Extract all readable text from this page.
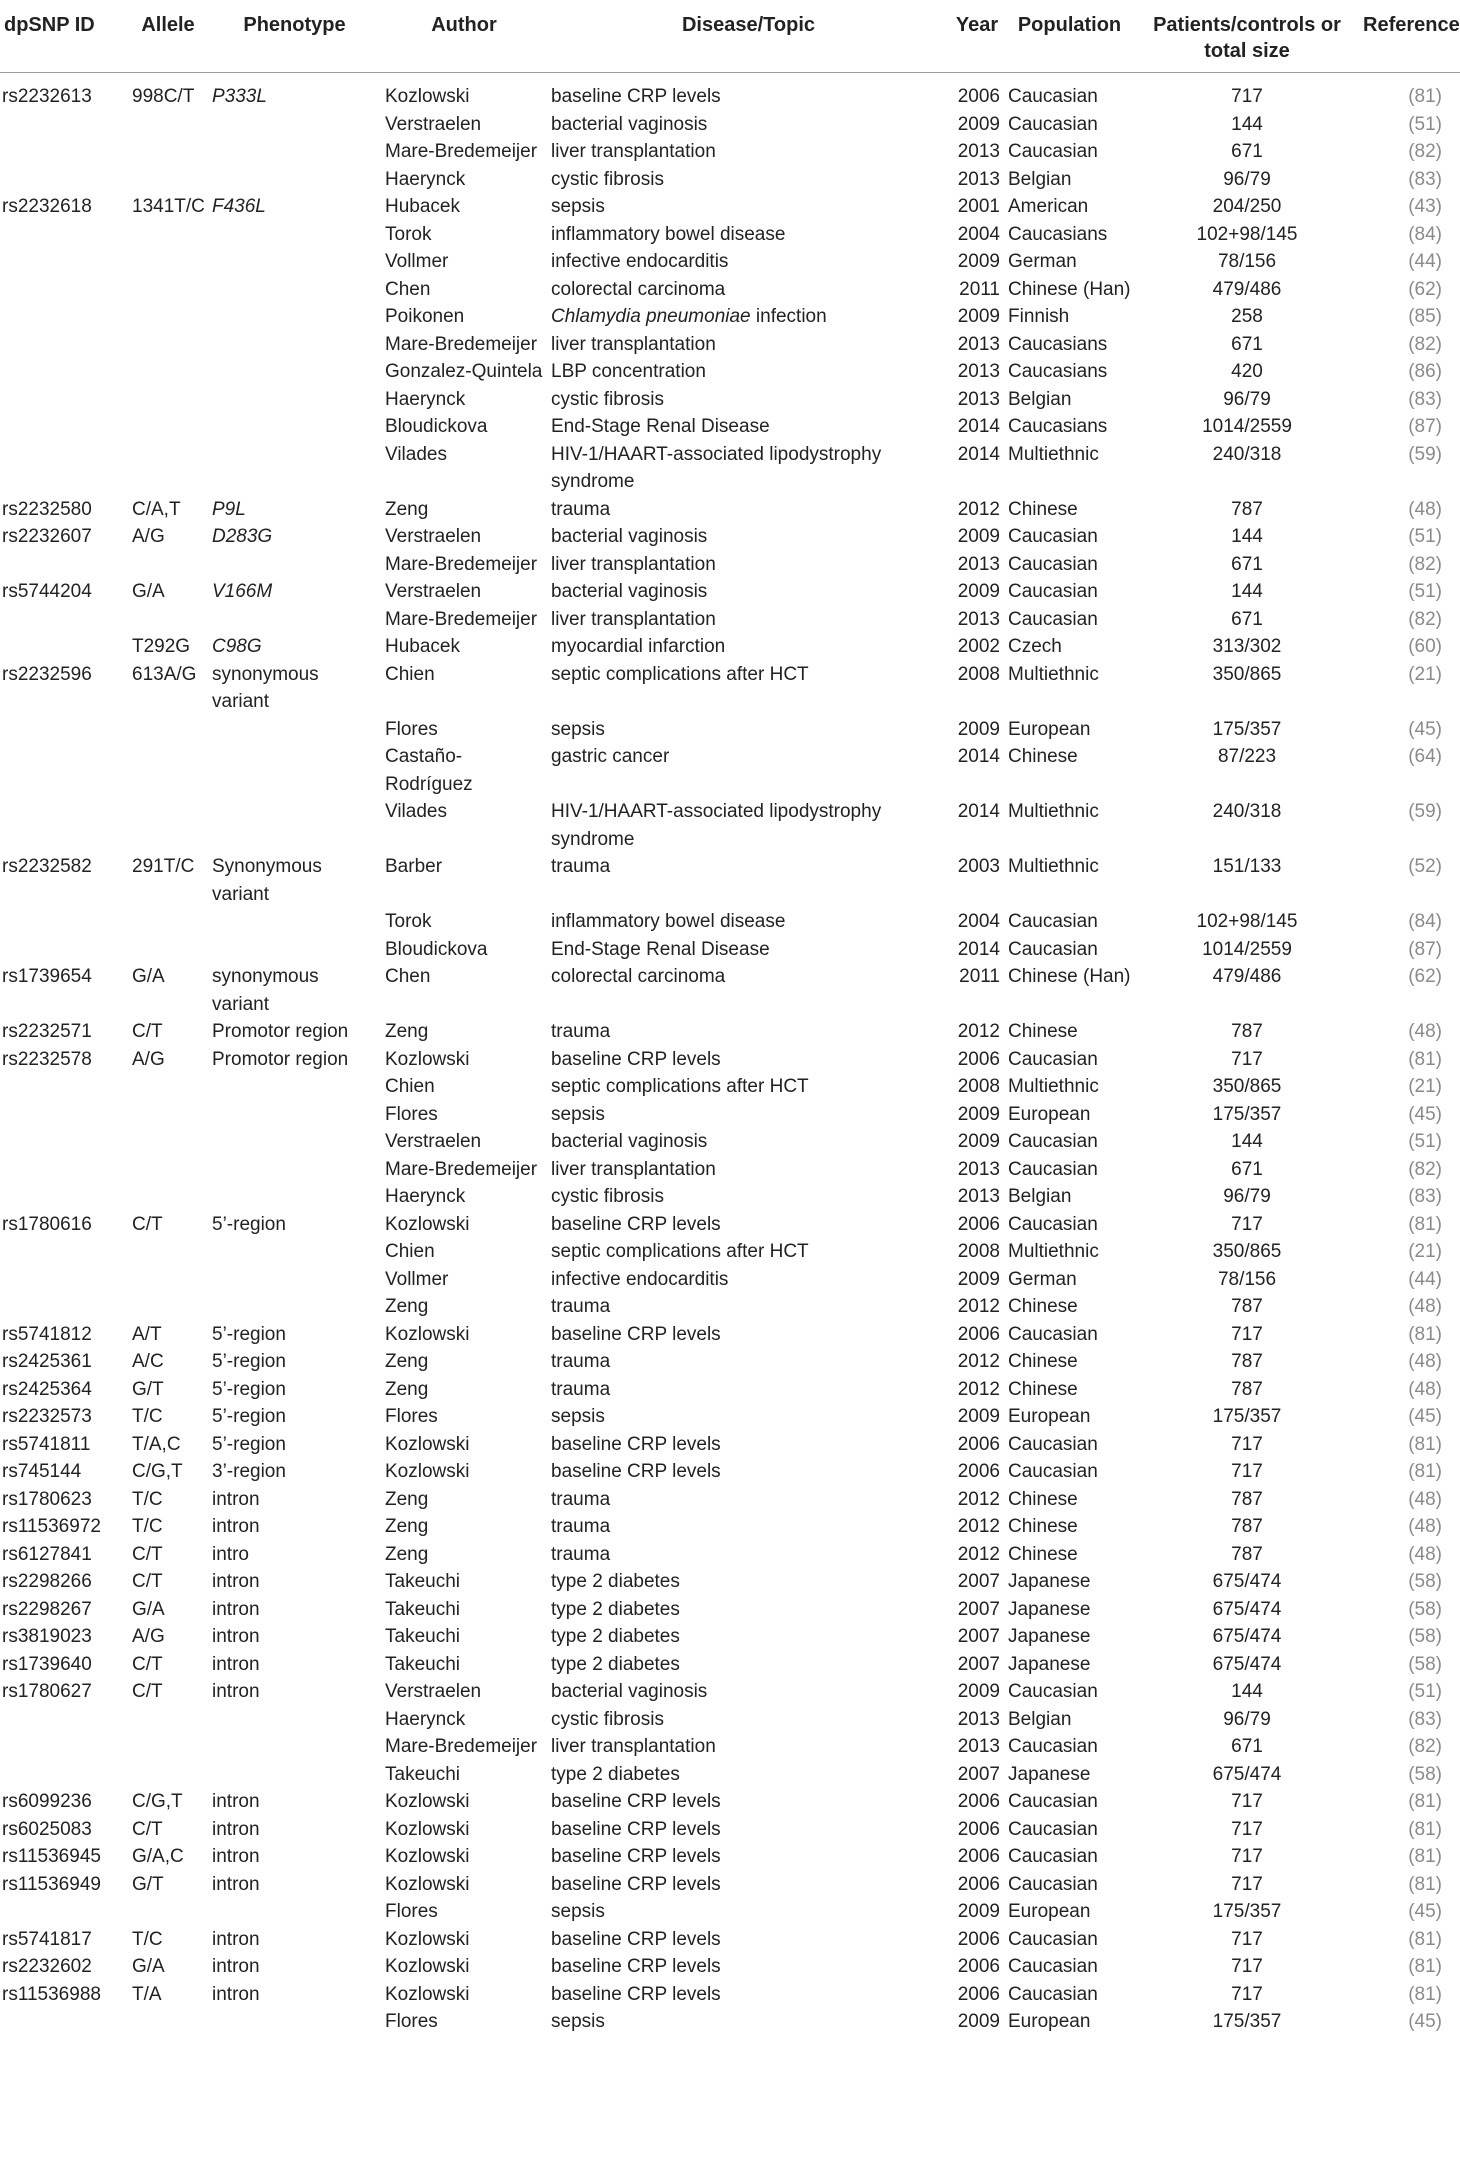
dpSNP ID	Allele	Phenotype	Author	Disease/Topic	Year	Population	Patients/controls or total size	Reference
rs2232613	998C/T	P333L	Kozlowski	baseline CRP levels	2006	Caucasian	717	(81)
			Verstraelen	bacterial vaginosis	2009	Caucasian	144	(51)
			Mare-Bredemeijer	liver transplantation	2013	Caucasian	671	(82)
			Haerynck	cystic fibrosis	2013	Belgian	96/79	(83)
rs2232618	1341T/C	F436L	Hubacek	sepsis	2001	American	204/250	(43)
			Torok	inflammatory bowel disease	2004	Caucasians	102+98/145	(84)
			Vollmer	infective endocarditis	2009	German	78/156	(44)
			Chen	colorectal carcinoma	2011	Chinese (Han)	479/486	(62)
			Poikonen	Chlamydia pneumoniae infection	2009	Finnish	258	(85)
			Mare-Bredemeijer	liver transplantation	2013	Caucasians	671	(82)
			Gonzalez-Quintela	LBP concentration	2013	Caucasians	420	(86)
			Haerynck	cystic fibrosis	2013	Belgian	96/79	(83)
			Bloudickova	End-Stage Renal Disease	2014	Caucasians	1014/2559	(87)
			Vilades	HIV-1/HAART-associated lipodystrophy syndrome	2014	Multiethnic	240/318	(59)
rs2232580	C/A,T	P9L	Zeng	trauma	2012	Chinese	787	(48)
rs2232607	A/G	D283G	Verstraelen	bacterial vaginosis	2009	Caucasian	144	(51)
			Mare-Bredemeijer	liver transplantation	2013	Caucasian	671	(82)
rs5744204	G/A	V166M	Verstraelen	bacterial vaginosis	2009	Caucasian	144	(51)
			Mare-Bredemeijer	liver transplantation	2013	Caucasian	671	(82)
	T292G	C98G	Hubacek	myocardial infarction	2002	Czech	313/302	(60)
rs2232596	613A/G	synonymous variant	Chien	septic complications after HCT	2008	Multiethnic	350/865	(21)
			Flores	sepsis	2009	European	175/357	(45)
			Castaño-Rodríguez	gastric cancer	2014	Chinese	87/223	(64)
			Vilades	HIV-1/HAART-associated lipodystrophy syndrome	2014	Multiethnic	240/318	(59)
rs2232582	291T/C	Synonymous variant	Barber	trauma	2003	Multiethnic	151/133	(52)
			Torok	inflammatory bowel disease	2004	Caucasian	102+98/145	(84)
			Bloudickova	End-Stage Renal Disease	2014	Caucasian	1014/2559	(87)
rs1739654	G/A	synonymous variant	Chen	colorectal carcinoma	2011	Chinese (Han)	479/486	(62)
rs2232571	C/T	Promotor region	Zeng	trauma	2012	Chinese	787	(48)
rs2232578	A/G	Promotor region	Kozlowski	baseline CRP levels	2006	Caucasian	717	(81)
			Chien	septic complications after HCT	2008	Multiethnic	350/865	(21)
			Flores	sepsis	2009	European	175/357	(45)
			Verstraelen	bacterial vaginosis	2009	Caucasian	144	(51)
			Mare-Bredemeijer	liver transplantation	2013	Caucasian	671	(82)
			Haerynck	cystic fibrosis	2013	Belgian	96/79	(83)
rs1780616	C/T	5’-region	Kozlowski	baseline CRP levels	2006	Caucasian	717	(81)
			Chien	septic complications after HCT	2008	Multiethnic	350/865	(21)
			Vollmer	infective endocarditis	2009	German	78/156	(44)
			Zeng	trauma	2012	Chinese	787	(48)
rs5741812	A/T	5’-region	Kozlowski	baseline CRP levels	2006	Caucasian	717	(81)
rs2425361	A/C	5’-region	Zeng	trauma	2012	Chinese	787	(48)
rs2425364	G/T	5’-region	Zeng	trauma	2012	Chinese	787	(48)
rs2232573	T/C	5’-region	Flores	sepsis	2009	European	175/357	(45)
rs5741811	T/A,C	5’-region	Kozlowski	baseline CRP levels	2006	Caucasian	717	(81)
rs745144	C/G,T	3’-region	Kozlowski	baseline CRP levels	2006	Caucasian	717	(81)
rs1780623	T/C	intron	Zeng	trauma	2012	Chinese	787	(48)
rs11536972	T/C	intron	Zeng	trauma	2012	Chinese	787	(48)
rs6127841	C/T	intro	Zeng	trauma	2012	Chinese	787	(48)
rs2298266	C/T	intron	Takeuchi	type 2 diabetes	2007	Japanese	675/474	(58)
rs2298267	G/A	intron	Takeuchi	type 2 diabetes	2007	Japanese	675/474	(58)
rs3819023	A/G	intron	Takeuchi	type 2 diabetes	2007	Japanese	675/474	(58)
rs1739640	C/T	intron	Takeuchi	type 2 diabetes	2007	Japanese	675/474	(58)
rs1780627	C/T	intron	Verstraelen	bacterial vaginosis	2009	Caucasian	144	(51)
			Haerynck	cystic fibrosis	2013	Belgian	96/79	(83)
			Mare-Bredemeijer	liver transplantation	2013	Caucasian	671	(82)
			Takeuchi	type 2 diabetes	2007	Japanese	675/474	(58)
rs6099236	C/G,T	intron	Kozlowski	baseline CRP levels	2006	Caucasian	717	(81)
rs6025083	C/T	intron	Kozlowski	baseline CRP levels	2006	Caucasian	717	(81)
rs11536945	G/A,C	intron	Kozlowski	baseline CRP levels	2006	Caucasian	717	(81)
rs11536949	G/T	intron	Kozlowski	baseline CRP levels	2006	Caucasian	717	(81)
			Flores	sepsis	2009	European	175/357	(45)
rs5741817	T/C	intron	Kozlowski	baseline CRP levels	2006	Caucasian	717	(81)
rs2232602	G/A	intron	Kozlowski	baseline CRP levels	2006	Caucasian	717	(81)
rs11536988	T/A	intron	Kozlowski	baseline CRP levels	2006	Caucasian	717	(81)
			Flores	sepsis	2009	European	175/357	(45)
